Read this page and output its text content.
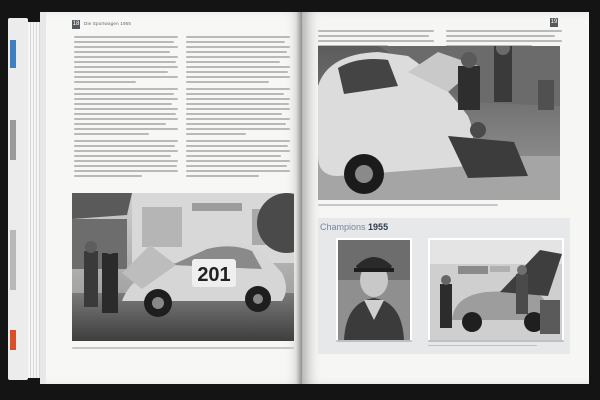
18 Die Sportwagen 1955
201
19
Champions 1955
